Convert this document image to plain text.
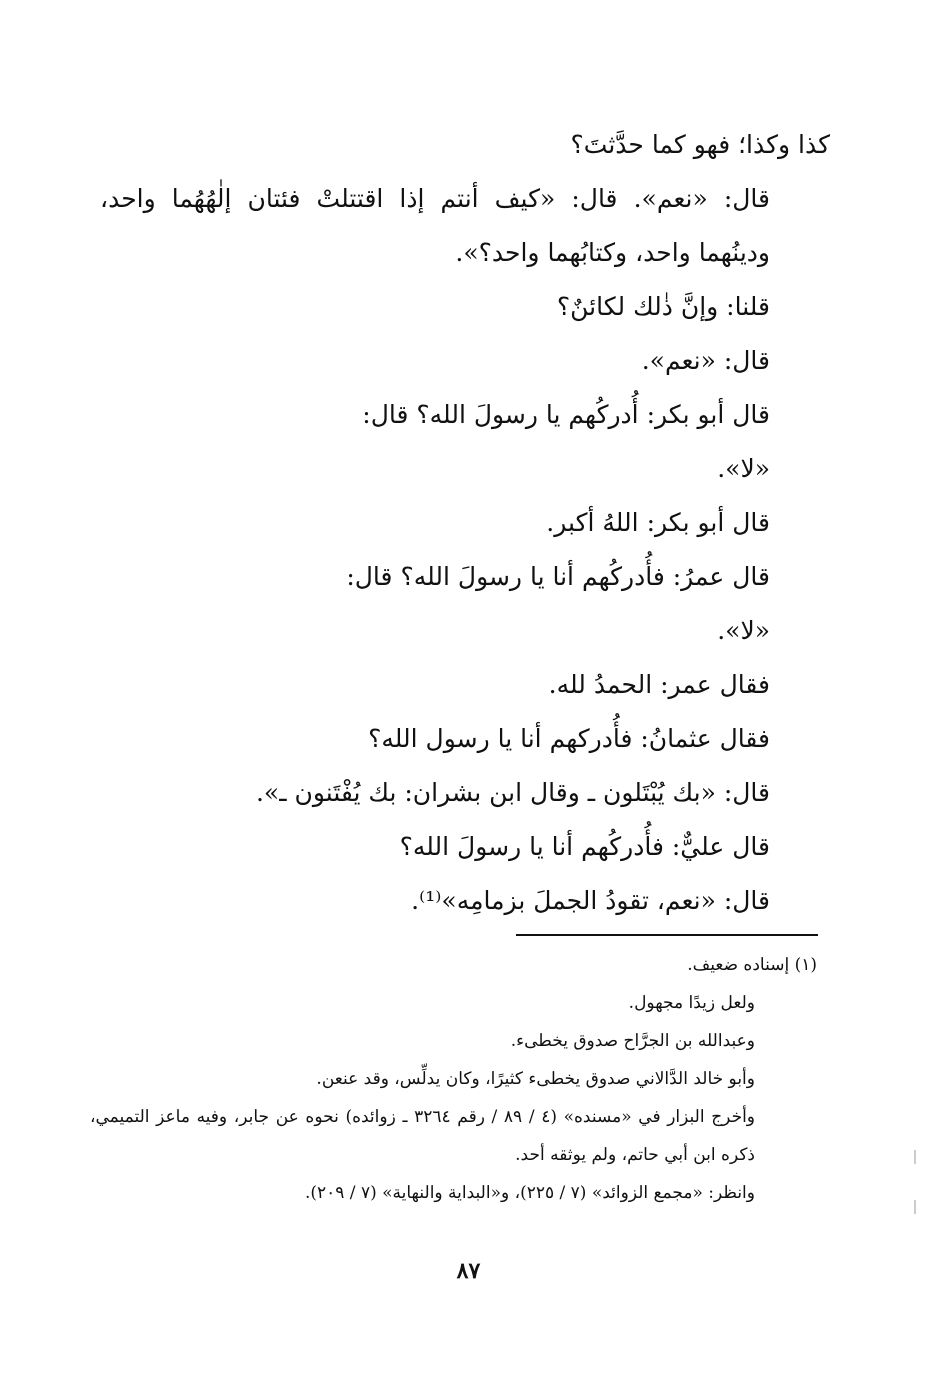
كذا وكذا؛ فهو كما حدَّثتَ؟

قال: «نعم». قال: «كيف أنتم إذا اقتتلتْ فئتان إلٰهُهُما واحد، ودينُهما واحد، وكتابُهما واحد؟».

قلنا: وإنَّ ذٰلك لكائنٌ؟

قال: «نعم».

قال أبو بكر: أُدركُهم يا رسولَ الله؟ قال:

«لا».

قال أبو بكر: اللهُ أكبر.

قال عمرُ: فأُدركُهم أنا يا رسولَ الله؟ قال:

«لا».

فقال عمر: الحمدُ لله.

فقال عثمانُ: فأُدركهم أنا يا رسول الله؟

قال: «بك يُبْتَلون ـ وقال ابن بشران: بك يُفْتَنون ـ».

قال عليٌّ: فأُدركُهم أنا يا رسولَ الله؟

قال: «نعم، تقودُ الجملَ بزمامِه»⁽¹⁾.

(١) إسناده ضعيف.

ولعل زيدًا مجهول.

وعبدالله بن الجرَّاح صدوق يخطىء.

وأبو خالد الدَّالاني صدوق يخطىء كثيرًا، وكان يدلِّس، وقد عنعن.

وأخرج البزار في «مسنده» (٤ / ٨٩ / رقم ٣٢٦٤ ـ زوائده) نحوه عن جابر، وفيه ماعز التميمي، ذكره ابن أبي حاتم، ولم يوثقه أحد.

وانظر: «مجمع الزوائد» (٧ / ٢٢٥)، و«البداية والنهاية» (٧ / ٢٠٩).

٨٧
